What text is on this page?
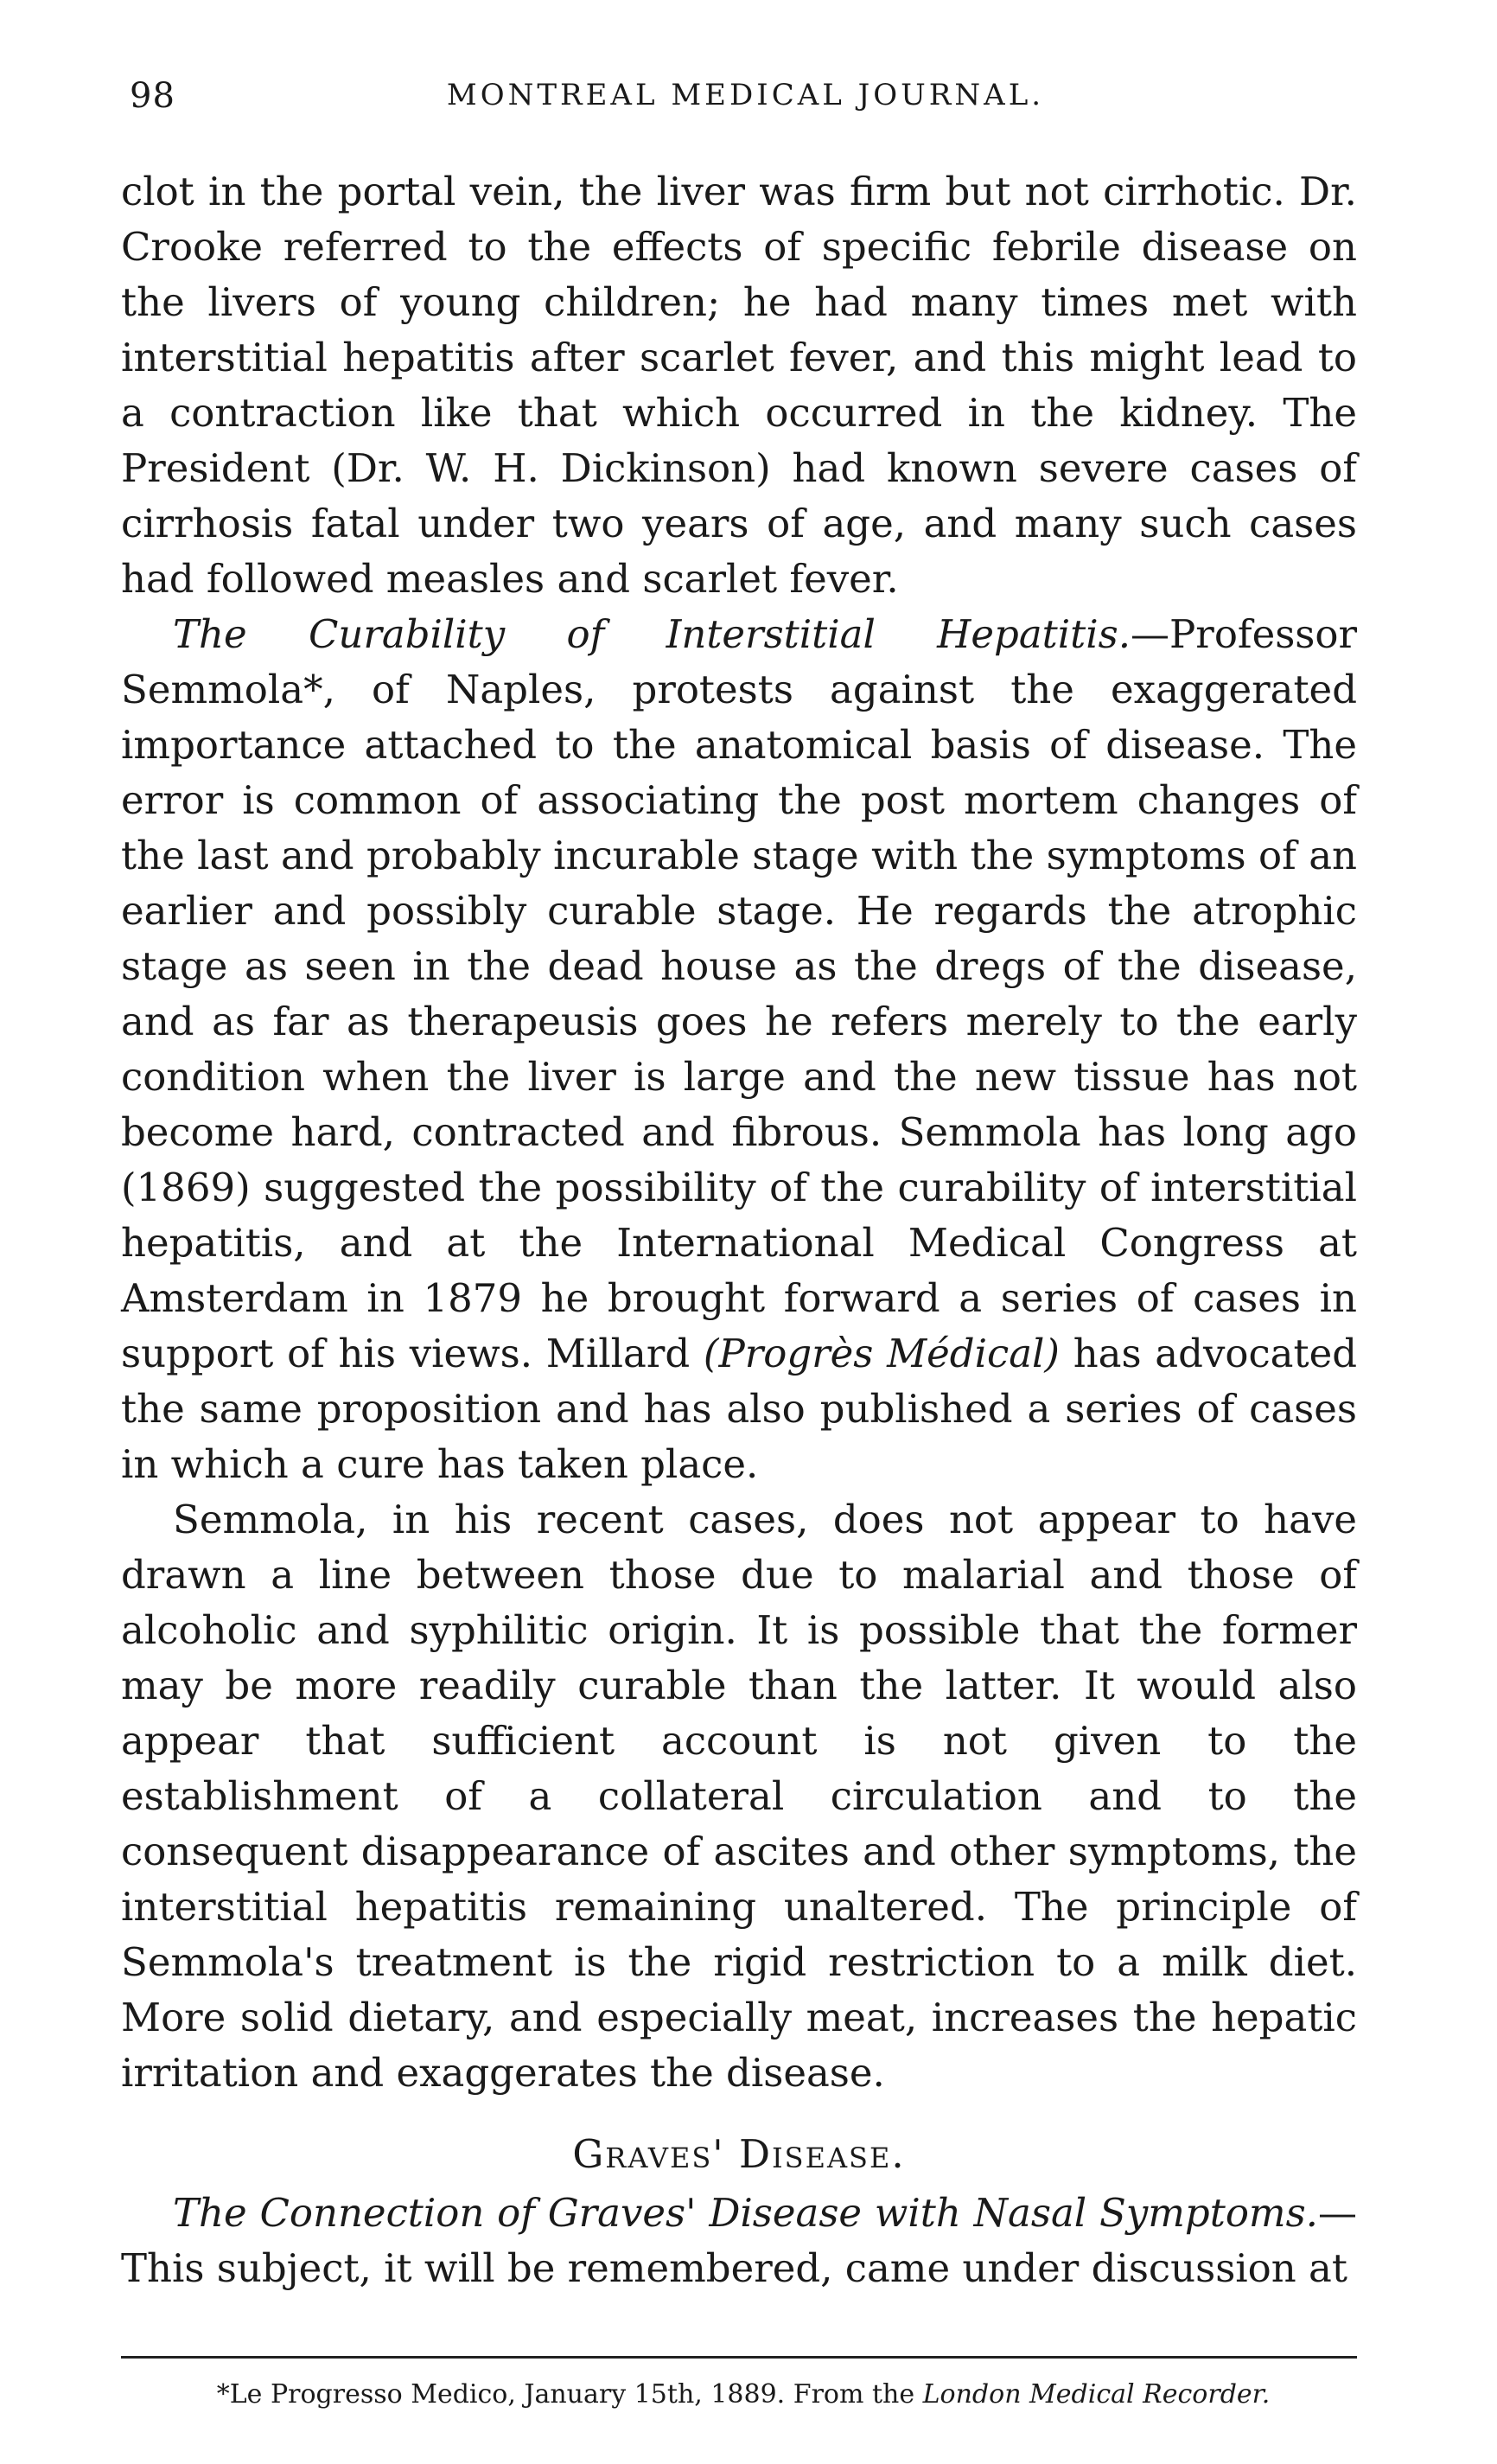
98	MONTREAL MEDICAL JOURNAL.

clot in the portal vein, the liver was firm but not cirrhotic. Dr. Crooke referred to the effects of specific febrile disease on the livers of young children; he had many times met with interstitial hepatitis after scarlet fever, and this might lead to a contraction like that which occurred in the kidney. The President (Dr. W. H. Dickinson) had known severe cases of cirrhosis fatal under two years of age, and many such cases had followed measles and scarlet fever.

The Curability of Interstitial Hepatitis.—Professor Semmola*, of Naples, protests against the exaggerated importance attached to the anatomical basis of disease. The error is common of associating the post mortem changes of the last and probably incurable stage with the symptoms of an earlier and possibly curable stage. He regards the atrophic stage as seen in the dead house as the dregs of the disease, and as far as therapeusis goes he refers merely to the early condition when the liver is large and the new tissue has not become hard, contracted and fibrous. Semmola has long ago (1869) suggested the possibility of the curability of interstitial hepatitis, and at the International Medical Congress at Amsterdam in 1879 he brought forward a series of cases in support of his views. Millard (Progrès Médical) has advocated the same proposition and has also published a series of cases in which a cure has taken place.

Semmola, in his recent cases, does not appear to have drawn a line between those due to malarial and those of alcoholic and syphilitic origin. It is possible that the former may be more readily curable than the latter. It would also appear that sufficient account is not given to the establishment of a collateral circulation and to the consequent disappearance of ascites and other symptoms, the interstitial hepatitis remaining unaltered. The principle of Semmola's treatment is the rigid restriction to a milk diet. More solid dietary, and especially meat, increases the hepatic irritation and exaggerates the disease.

Graves' Disease.

The Connection of Graves' Disease with Nasal Symptoms.— This subject, it will be remembered, came under discussion at

*Le Progresso Medico, January 15th, 1889. From the London Medical Recorder.
